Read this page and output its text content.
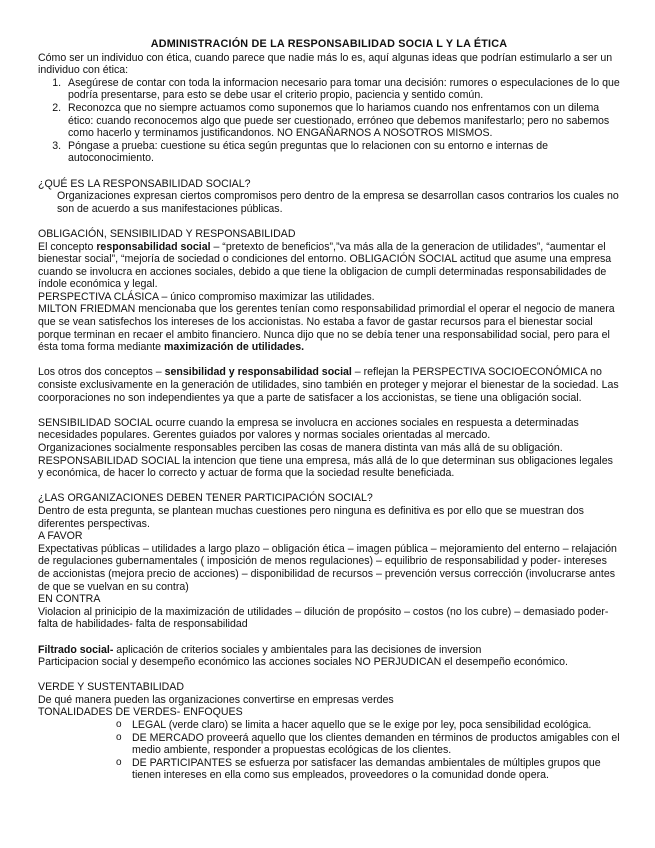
ADMINISTRACIÓN DE LA RESPONSABILIDAD SOCIA L Y LA ÉTICA

Cómo ser un individuo con ética, cuando parece que nadie más lo es, aquí algunas ideas que podrían estimularlo a ser un individuo con ética:

1. Asegúrese de contar con toda la informacion necesario para tomar una decisión: rumores o especulaciones de lo que podría presentarse, para esto se debe usar el criterio propio, paciencia y sentido común.
2. Reconozca que no siempre actuamos como suponemos que lo hariamos cuando nos enfrentamos con un dilema ético: cuando reconocemos algo que puede ser cuestionado, erróneo que debemos manifestarlo; pero no sabemos como hacerlo y terminamos justificandonos. NO ENGAÑARNOS A NOSOTROS MISMOS.
3. Póngase a prueba: cuestione su ética según preguntas que lo relacionen con su entorno e internas de autoconocimiento.

¿QUÉ ES LA RESPONSABILIDAD SOCIAL?

Organizaciones expresan ciertos compromisos pero dentro de la empresa se desarrollan casos contrarios los cuales no son de acuerdo a sus manifestaciones públicas.

OBLIGACIÓN, SENSIBILIDAD Y RESPONSABILIDAD

El concepto responsabilidad social – “pretexto de beneficios”,”va más alla de la generacion de utilidades”, “aumentar el bienestar social”, “mejoría de sociedad o condiciones del entorno. OBLIGACIÓN SOCIAL actitud que asume una empresa cuando se involucra en acciones sociales, debido a que tiene la obligacion de cumpli determinadas responsabilidades de índole económica y legal.

PERSPECTIVA CLÁSICA – único compromiso maximizar las utilidades.

MILTON FRIEDMAN mencionaba que los gerentes tenían como responsabilidad primordial el operar el negocio de manera que se vean satisfechos los intereses de los accionistas. No estaba a favor de gastar recursos para el bienestar social porque terminan en recaer el ambito financiero. Nunca dijo que no se debía tener una responsabilidad social, pero para el ésta toma forma mediante maximización de utilidades.

Los otros dos conceptos – sensibilidad y responsabilidad social – reflejan la PERSPECTIVA SOCIOECONÓMICA no consiste exclusivamente en la generación de utilidades, sino también en proteger y mejorar el bienestar de la sociedad. Las coorporaciones no son independientes ya que a parte de satisfacer a los accionistas, se tiene una obligación social.

SENSIBILIDAD SOCIAL ocurre cuando la empresa se involucra en acciones sociales en respuesta a determinadas necesidades populares. Gerentes guiados por valores y normas sociales orientadas al mercado.

Organizaciones socialmente responsables perciben las cosas de manera distinta van más allá de su obligación.

RESPONSABILIDAD SOCIAL la intencion que tiene una empresa, más allá de lo que determinan sus obligaciones legales y económica, de hacer lo correcto y actuar de forma que la sociedad resulte beneficiada.

¿LAS ORGANIZACIONES DEBEN TENER PARTICIPACIÓN SOCIAL?

Dentro de esta pregunta, se plantean muchas cuestiones pero ninguna es definitiva es por ello que se muestran dos diferentes perspectivas.

A FAVOR

Expectativas públicas – utilidades a largo plazo – obligación ética – imagen pública – mejoramiento del enterno – relajación de regulaciones gubernamentales ( imposición de menos regulaciones) – equilibrio de responsabilidad y poder- intereses de accionistas (mejora precio de acciones) – disponibilidad de recursos – prevención versus corrección (involucrarse antes de que se vuelvan en su contra)

EN CONTRA

Violacion al prinicipio de la maximización de utilidades – dilución de propósito – costos (no los cubre) – demasiado poder- falta de habilidades- falta de responsabilidad

Filtrado social- aplicación de criterios sociales y ambientales para las decisiones de inversion

Participacion social y desempeño económico las acciones sociales NO PERJUDICAN el desempeño económico.

VERDE Y SUSTENTABILIDAD

De qué manera pueden las organizaciones convertirse en empresas verdes

TONALIDADES DE VERDES- ENFOQUES

o LEGAL (verde claro) se limita a hacer aquello que se le exige por ley, poca sensibilidad ecológica.
o DE MERCADO proveerá aquello que los clientes demanden en términos de productos amigables con el medio ambiente, responder a propuestas ecológicas de los clientes.
o DE PARTICIPANTES se esfuerza por satisfacer las demandas ambientales de múltiples grupos que tienen intereses en ella como sus empleados, proveedores o la comunidad donde opera.
